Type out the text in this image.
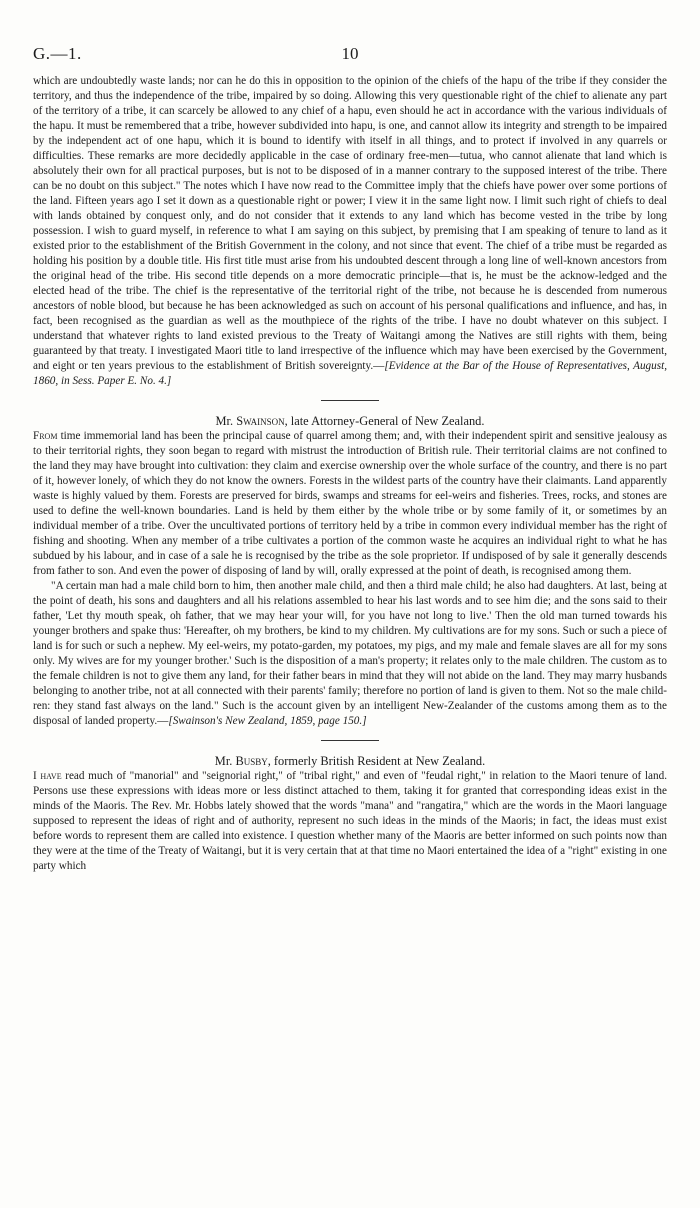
G.—1.	10

which are undoubtedly waste lands; nor can he do this in opposition to the opinion of the chiefs of the hapu of the tribe if they consider the territory, and thus the independence of the tribe, impaired by so doing. Allowing this very questionable right of the chief to alienate any part of the territory of a tribe, it can scarcely be allowed to any chief of a hapu, even should he act in accordance with the various individuals of the hapu. It must be remembered that a tribe, however subdivided into hapu, is one, and cannot allow its integrity and strength to be impaired by the independent act of one hapu, which it is bound to identify with itself in all things, and to protect if involved in any quarrels or difficulties. These remarks are more decidedly applicable in the case of ordinary free-men—tutua, who cannot alienate that land which is absolutely their own for all practical purposes, but is not to be disposed of in a manner contrary to the supposed interest of the tribe. There can be no doubt on this subject." The notes which I have now read to the Committee imply that the chiefs have power over some portions of the land. Fifteen years ago I set it down as a questionable right or power; I view it in the same light now. I limit such right of chiefs to deal with lands obtained by conquest only, and do not consider that it extends to any land which has become vested in the tribe by long possession. I wish to guard myself, in reference to what I am saying on this subject, by premising that I am speaking of tenure to land as it existed prior to the establishment of the British Government in the colony, and not since that event. The chief of a tribe must be regarded as holding his position by a double title. His first title must arise from his undoubted descent through a long line of well-known ancestors from the original head of the tribe. His second title depends on a more democratic principle—that is, he must be the acknow-ledged and the elected head of the tribe. The chief is the representative of the territorial right of the tribe, not because he is descended from numerous ancestors of noble blood, but because he has been acknowledged as such on account of his personal qualifications and influence, and has, in fact, been recognised as the guardian as well as the mouthpiece of the rights of the tribe. I have no doubt whatever on this subject. I understand that whatever rights to land existed previous to the Treaty of Waitangi among the Natives are still rights with them, being guaranteed by that treaty. I investigated Maori title to land irrespective of the influence which may have been exercised by the Government, and eight or ten years previous to the establishment of British sovereignty.—[Evidence at the Bar of the House of Representatives, August, 1860, in Sess. Paper E. No. 4.]

Mr. Swainson, late Attorney-General of New Zealand.

From time immemorial land has been the principal cause of quarrel among them; and, with their independent spirit and sensitive jealousy as to their territorial rights, they soon began to regard with mistrust the introduction of British rule. Their territorial claims are not confined to the land they may have brought into cultivation: they claim and exercise ownership over the whole surface of the country, and there is no part of it, however lonely, of which they do not know the owners. Forests in the wildest parts of the country have their claimants. Land apparently waste is highly valued by them. Forests are preserved for birds, swamps and streams for eel-weirs and fisheries. Trees, rocks, and stones are used to define the well-known boundaries. Land is held by them either by the whole tribe or by some family of it, or sometimes by an individual member of a tribe. Over the uncultivated portions of territory held by a tribe in common every individual member has the right of fishing and shooting. When any member of a tribe cultivates a portion of the common waste he acquires an individual right to what he has subdued by his labour, and in case of a sale he is recognised by the tribe as the sole proprietor. If undisposed of by sale it generally descends from father to son. And even the power of disposing of land by will, orally expressed at the point of death, is recognised among them.

"A certain man had a male child born to him, then another male child, and then a third male child; he also had daughters. At last, being at the point of death, his sons and daughters and all his relations assembled to hear his last words and to see him die; and the sons said to their father, 'Let thy mouth speak, oh father, that we may hear your will, for you have not long to live.' Then the old man turned towards his younger brothers and spake thus: 'Hereafter, oh my brothers, be kind to my children. My cultivations are for my sons. Such or such a piece of land is for such or such a nephew. My eel-weirs, my potato-garden, my potatoes, my pigs, and my male and female slaves are all for my sons only. My wives are for my younger brother.' Such is the disposition of a man's property; it relates only to the male children. The custom as to the female children is not to give them any land, for their father bears in mind that they will not abide on the land. They may marry husbands belonging to another tribe, not at all connected with their parents' family; therefore no portion of land is given to them. Not so the male child-ren: they stand fast always on the land." Such is the account given by an intelligent New-Zealander of the customs among them as to the disposal of landed property.—[Swainson's New Zealand, 1859, page 150.]

Mr. Busby, formerly British Resident at New Zealand.

I have read much of "manorial" and "seignorial right," of "tribal right," and even of "feudal right," in relation to the Maori tenure of land. Persons use these expressions with ideas more or less distinct attached to them, taking it for granted that corresponding ideas exist in the minds of the Maoris. The Rev. Mr. Hobbs lately showed that the words "mana" and "rangatira," which are the words in the Maori language supposed to represent the ideas of right and of authority, represent no such ideas in the minds of the Maoris; in fact, the ideas must exist before words to represent them are called into existence. I question whether many of the Maoris are better informed on such points now than they were at the time of the Treaty of Waitangi, but it is very certain that at that time no Maori entertained the idea of a "right" existing in one party which
